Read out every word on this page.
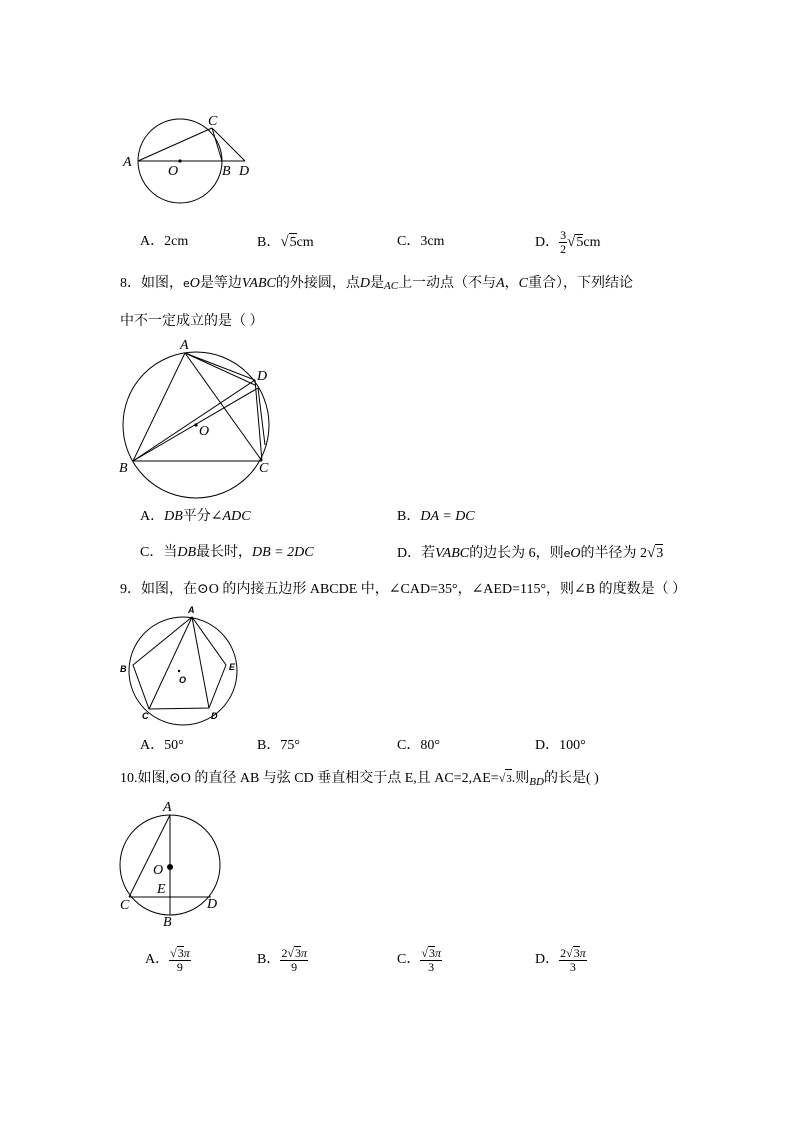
A
O	B D
C
A．2cm	B．√5cm	C．3cm	D． $\frac{3}{2} √5cm$
8．如图，eO是等边VABC的外接圆，点D是AC上一动点（不与A，C重合），下列结论
中不一定成立的是（ ）
A
D
O
B	C
A．DB平分∠ADC	B．DA = DC
C．当DB最长时，DB = 2DC	D．若VABC的边长为 6，则eO的半径为 2√3
9．如图，在⊙O 的内接五边形 ABCDE 中，∠CAD=35°，∠AED=115°，则∠B 的度数是（ ）
A
B
O
E
C	D
A．50°	B．75°	C．80°	D．100°
10.如图,⊙O 的直径 AB 与弦 CD 垂直相交于点 E,且 AC=2,AE=√3.则$_{BD}$的长是( )
A
O
E
C
B
D
A． $\frac{√3\pi}{9}$	B． $\frac{2√3\pi}{9}$	C． $\frac{√3\pi}{3}$	D． $\frac{2√3\pi}{3}$
